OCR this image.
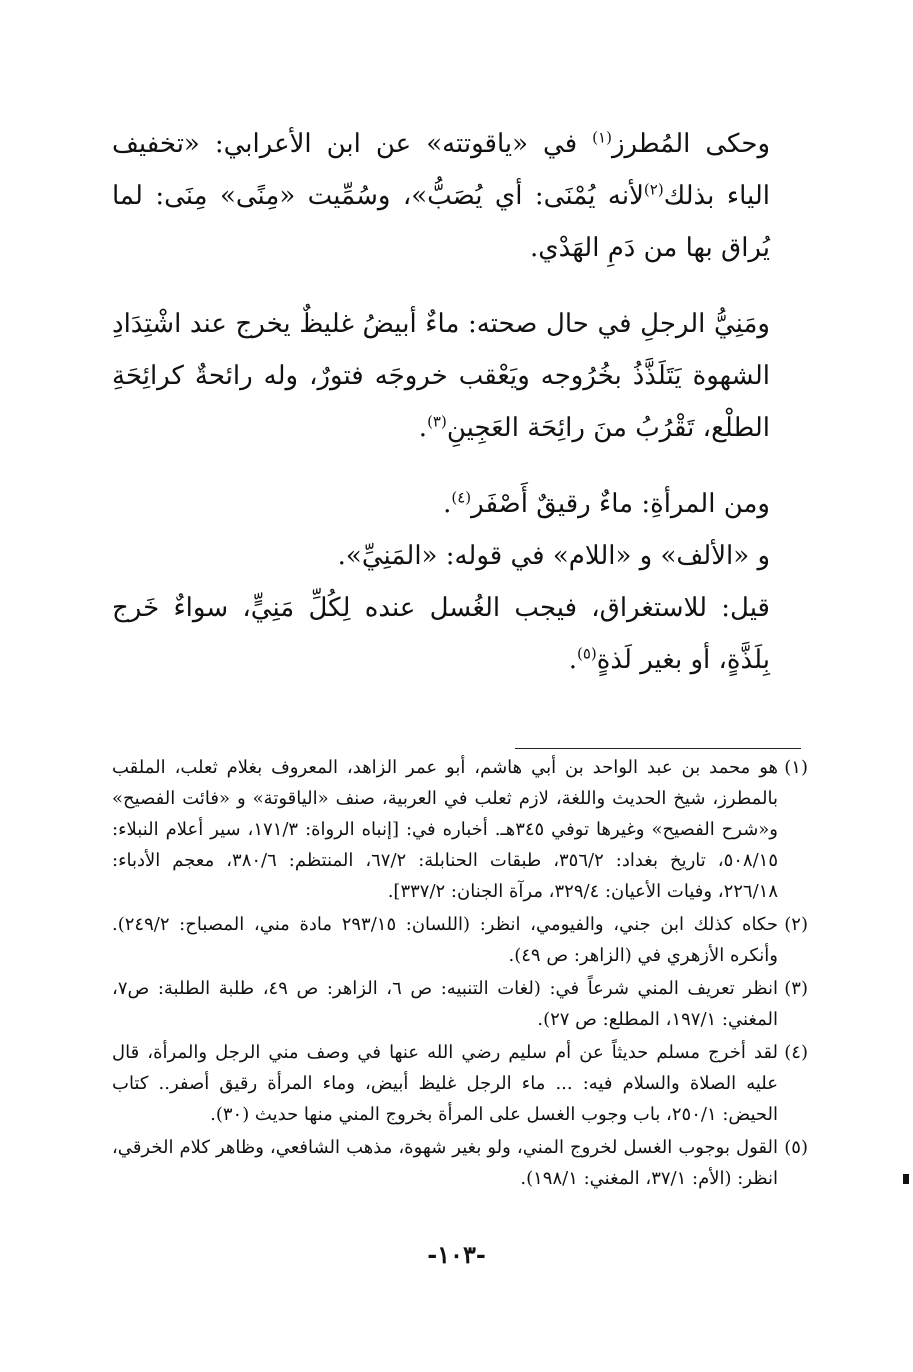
وحكى المُطرز$^{(١)}$ في «ياقوتته» عن ابن الأعرابي: «تخفيف الياء بذلك$^{(٢)}$لأنه يُمْنَى: أي يُصَبُّ»، وسُمِّيت «مِنًى» مِنَى: لما يُراق بها من دَمِ الهَدْي.

ومَنِيُّ الرجلِ في حال صحته: ماءٌ أبيضُ غليظٌ يخرج عند اشْتِدَادِ الشهوة يَتَلَذَّذُ بخُرُوجه ويَعْقب خروجَه فتورٌ، وله رائحةٌ كرائِحَةِ الطلْع، تَقْرُبُ منَ رائِحَة العَجِينِ$^{(٣)}$.

ومن المرأةِ: ماءٌ رقيقٌ أَصْفَر$^{(٤)}$.

و «الألف» و «اللام» في قوله: «المَنِيِّ».

قيل: للاستغراق، فيجب الغُسل عنده لِكُلِّ مَنِيٍّ، سواءٌ خَرج بِلَذَّةٍ، أو بغير لَذةٍ$^{(٥)}$.

(١)
هو محمد بن عبد الواحد بن أبي هاشم، أبو عمر الزاهد، المعروف بغلام ثعلب، الملقب بالمطرز، شيخ الحديث واللغة، لازم ثعلب في العربية، صنف «الياقوتة» و «فائت الفصيح» و«شرح الفصيح» وغيرها توفي ٣٤٥هـ. أخباره في: [إنباه الرواة: ١٧١/٣، سير أعلام النبلاء: ٥٠٨/١٥، تاريخ بغداد: ٣٥٦/٢، طبقات الحنابلة: ٦٧/٢، المنتظم: ٣٨٠/٦، معجم الأدباء: ٢٢٦/١٨، وفيات الأعيان: ٣٢٩/٤، مرآة الجنان: ٣٣٧/٢].
(٢)
حكاه كذلك ابن جني، والفيومي، انظر: (اللسان: ٢٩٣/١٥ مادة مني، المصباح: ٢٤٩/٢). وأنكره الأزهري في (الزاهر: ص ٤٩).
(٣)
انظر تعريف المني شرعاً في: (لغات التنبيه: ص ٦، الزاهر: ص ٤٩، طلبة الطلبة: ص٧، المغني: ١٩٧/١، المطلع: ص ٢٧).
(٤)
لقد أخرج مسلم حديثاً عن أم سليم رضي الله عنها في وصف مني الرجل والمرأة، قال عليه الصلاة والسلام فيه: ... ماء الرجل غليظ أبيض، وماء المرأة رقيق أصفر.. كتاب الحيض: ٢٥٠/١، باب وجوب الغسل على المرأة بخروج المني منها حديث (٣٠).
(٥)
القول بوجوب الغسل لخروج المني، ولو بغير شهوة، مذهب الشافعي، وظاهر كلام الخرقي، انظر: (الأم: ٣٧/١، المغني: ١٩٨/١).
-١٠٣-
